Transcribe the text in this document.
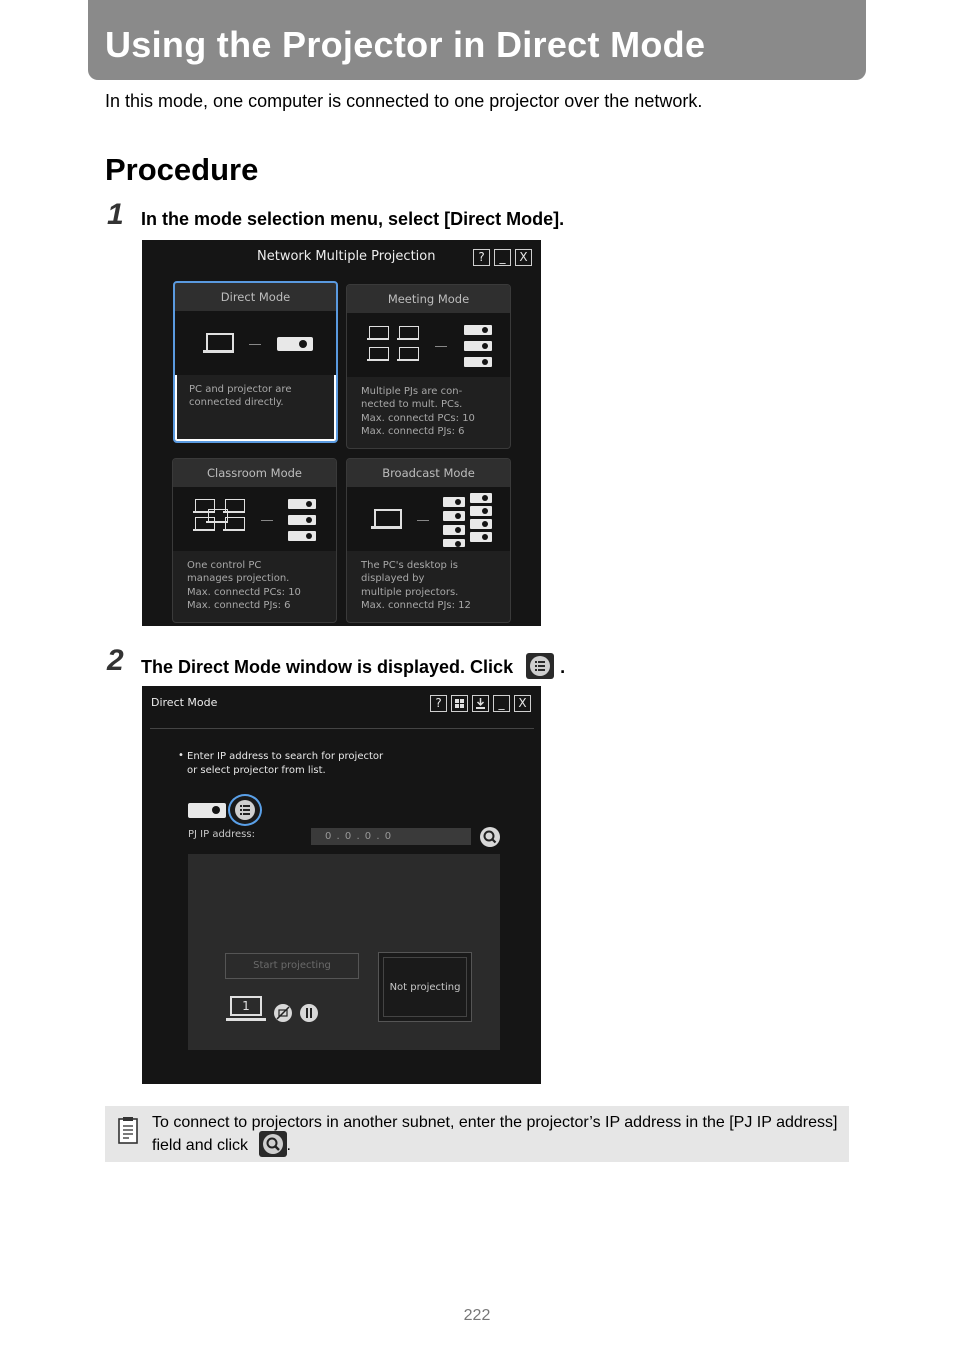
Using the Projector in Direct Mode
In this mode, one computer is connected to one projector over the network.
Procedure
1 In the mode selection menu, select [Direct Mode].
Network Multiple Projection	?	_	X
Direct Mode
PC and projector are
connected directly.
Meeting Mode
Multiple PJs are con-
nected to mult. PCs.
Max. connectd PCs: 10
Max. connectd PJs: 6
Classroom Mode
One control PC
manages projection.
Max. connectd PCs: 10
Max. connectd PJs: 6
Broadcast Mode
The PC's desktop is
displayed by
multiple projectors.
Max. connectd PJs: 12
2 The Direct Mode window is displayed. Click	.
Direct Mode	?	_	X
• Enter IP address to search for projector
or select projector from list.
PJ IP address:	0 . 0 . 0 . 0
Start projecting
Not projecting
1
To connect to projectors in another subnet, enter the projector’s IP address in the [PJ IP address] field and click .
222
